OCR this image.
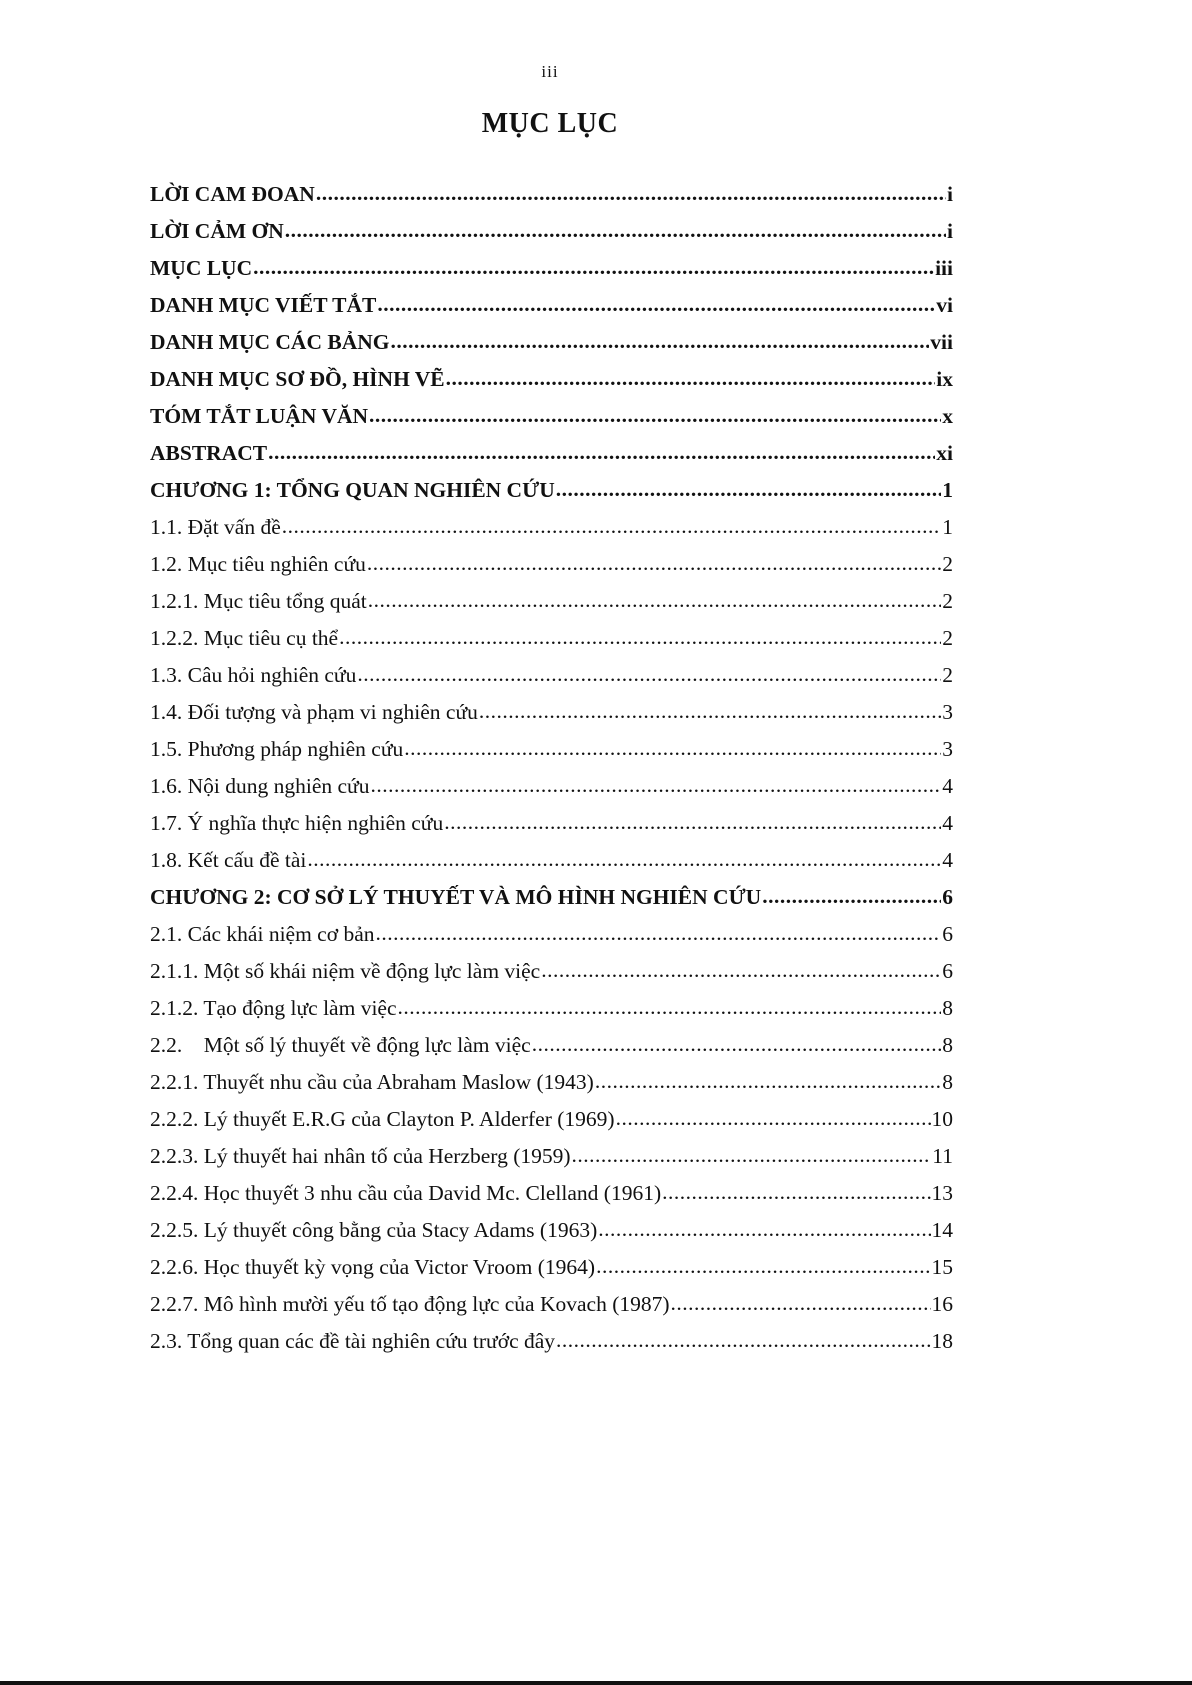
iii
MỤC LỤC
LỜI CAM ĐOAN .....	i
LỜI CẢM ƠN .....	i
MỤC LỤC .....	iii
DANH MỤC VIẾT TẮT .....	vi
DANH MỤC CÁC BẢNG .....	vii
DANH MỤC SƠ ĐỒ, HÌNH VẼ .....	ix
TÓM TẮT LUẬN VĂN .....	x
ABSTRACT .....	xi
CHƯƠNG 1: TỔNG QUAN NGHIÊN CỨU .....	1
1.1. Đặt vấn đề .....	1
1.2. Mục tiêu nghiên cứu .....	2
1.2.1. Mục tiêu tổng quát .....	2
1.2.2. Mục tiêu cụ thể .....	2
1.3. Câu hỏi nghiên cứu .....	2
1.4. Đối tượng và phạm vi nghiên cứu .....	3
1.5. Phương pháp nghiên cứu .....	3
1.6. Nội dung nghiên cứu .....	4
1.7. Ý nghĩa thực hiện nghiên cứu .....	4
1.8. Kết cấu đề tài .....	4
CHƯƠNG 2: CƠ SỞ LÝ THUYẾT VÀ MÔ HÌNH NGHIÊN CỨU .....	6
2.1. Các khái niệm cơ bản .....	6
2.1.1. Một số khái niệm về động lực làm việc .....	6
2.1.2. Tạo động lực làm việc .....	8
2.2.    Một số lý thuyết về động lực làm việc .....	8
2.2.1. Thuyết nhu cầu của Abraham Maslow (1943) .....	8
2.2.2. Lý thuyết E.R.G của Clayton P. Alderfer (1969) .....	10
2.2.3. Lý thuyết hai nhân tố của Herzberg (1959) .....	11
2.2.4. Học thuyết 3 nhu cầu của David Mc. Clelland (1961) .....	13
2.2.5. Lý thuyết công bằng của Stacy Adams (1963) .....	14
2.2.6. Học thuyết kỳ vọng của Victor Vroom (1964) .....	15
2.2.7. Mô hình mười yếu tố tạo động lực của Kovach (1987) .....	16
2.3. Tổng quan các đề tài nghiên cứu trước đây .....	18
